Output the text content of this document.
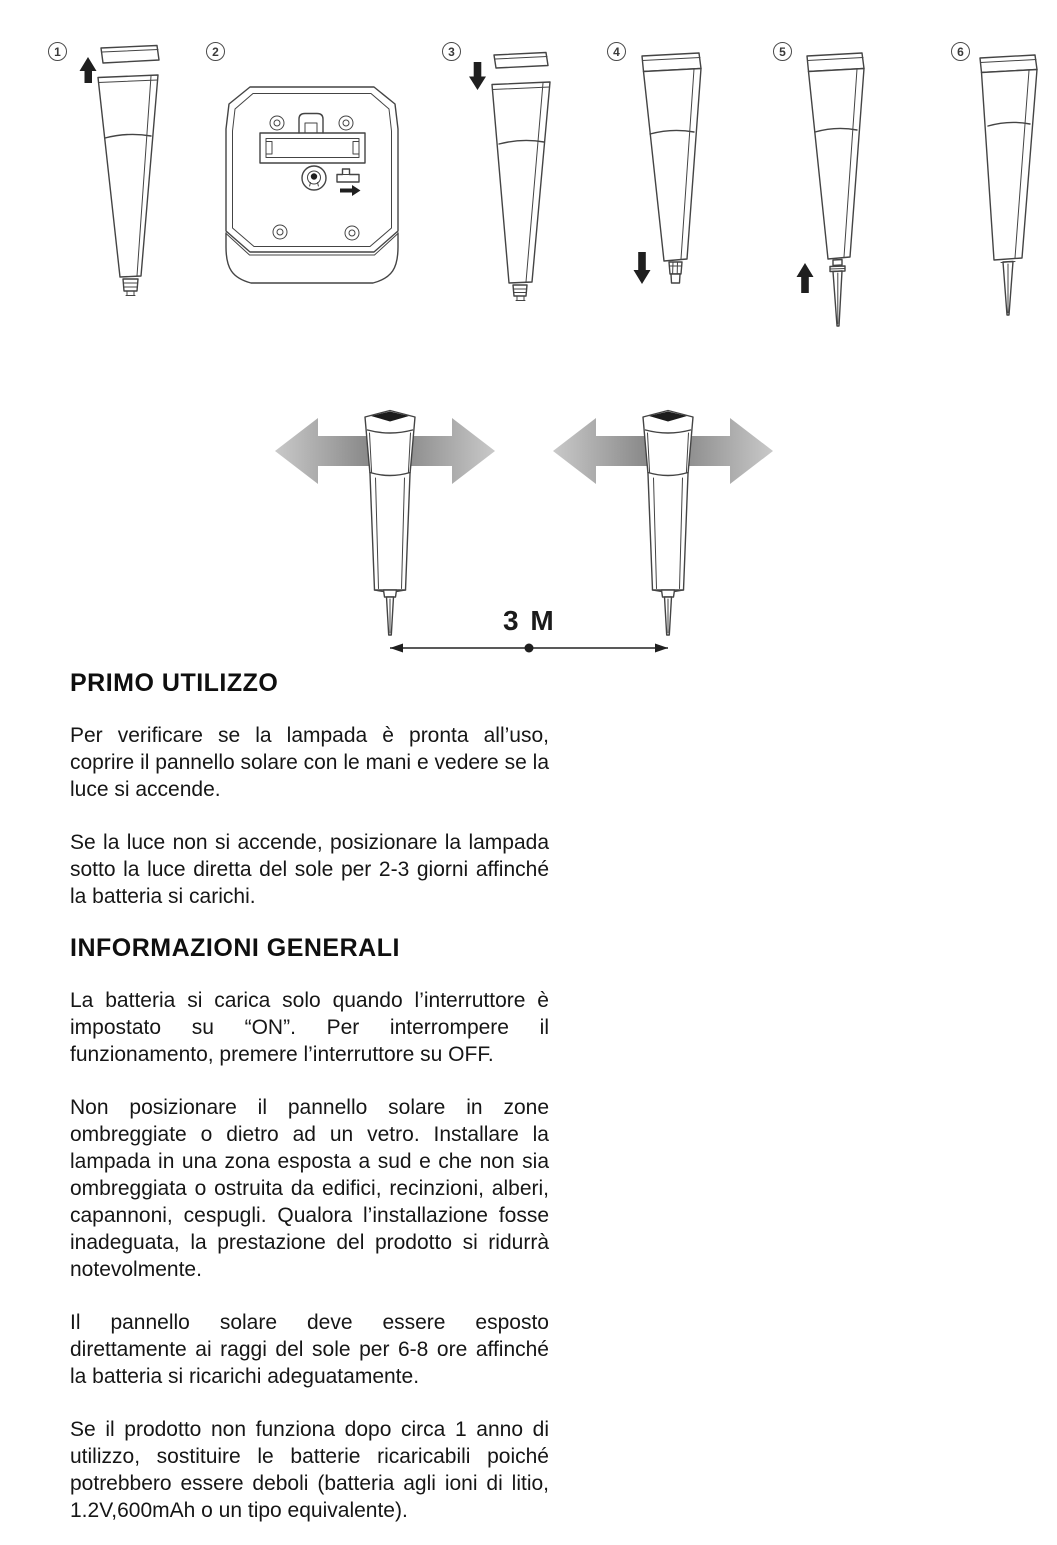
1	2	3	4	5	6
3 M
PRIMO UTILIZZO

Per verificare se la lampada è pronta all’uso, coprire il pannello solare con le mani e vedere se la luce si accende.

Se la luce non si accende, posizionare la lampada sotto la luce diretta del sole per 2-3 giorni affinché la batteria si carichi.

INFORMAZIONI GENERALI

La batteria si carica solo quando l’interruttore è impostato su “ON”. Per interrompere il funzionamento, premere l’interruttore su OFF.

Non posizionare il pannello solare in zone ombreggiate o dietro ad un vetro. Installare la lampada in una zona esposta a sud e che non sia ombreggiata o ostruita da edifici, recinzioni, alberi, capannoni, cespugli. Qualora l’installazione fosse inadeguata, la prestazione del prodotto si ridurrà notevolmente.

Il pannello solare deve essere esposto direttamente ai raggi del sole per 6-8 ore affinché la batteria si ricarichi adeguatamente.

Se il prodotto non funziona dopo circa 1 anno di utilizzo, sostituire le batterie ricaricabili poiché potrebbero essere deboli (batteria agli ioni di litio, 1.2V,600mAh o un tipo equivalente).
